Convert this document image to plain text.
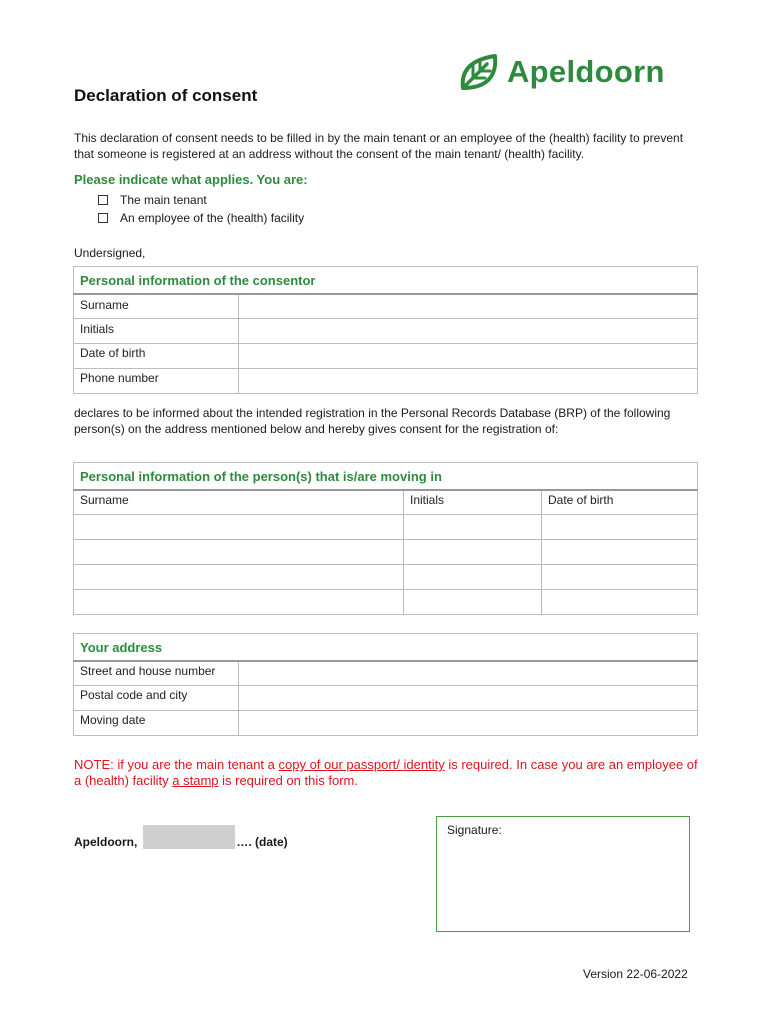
Apeldoorn
Declaration of consent
This declaration of consent needs to be filled in by the main tenant or an employee of the (health) facility to prevent that someone is registered at an address without the consent of the main tenant/ (health) facility.
Please indicate what applies. You are:
The main tenant
An employee of the (health) facility
Undersigned,
Personal information of the consentor	
Surname	
Initials	
Date of birth	
Phone number	
declares to be informed about the intended registration in the Personal Records Database (BRP) of the following person(s) on the address mentioned below and hereby gives consent for the registration of:
Personal information of the person(s) that is/are moving in		
Surname	Initials	Date of birth

Your address	
Street and house number	
Postal code and city	
Moving date	
NOTE: if you are the main tenant a copy of our passport/ identity is required. In case you are an employee of a (health) facility a stamp is required on this form.
Apeldoorn,	…. (date)
Signature:
Version 22-06-2022
